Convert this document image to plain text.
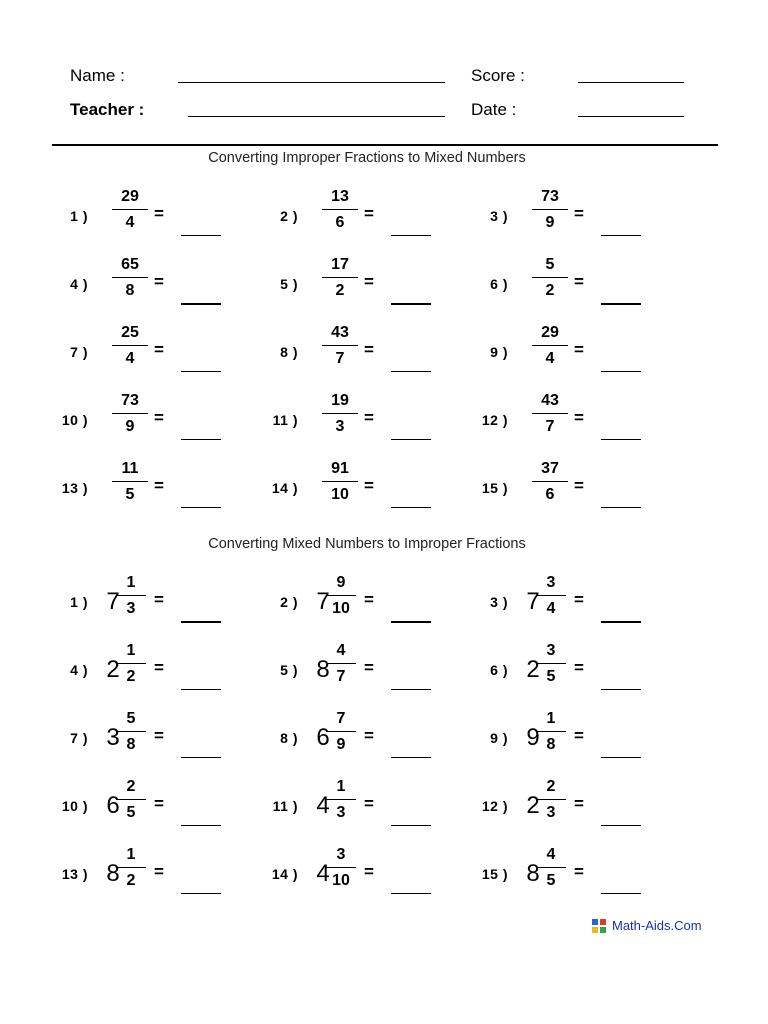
Name :
Teacher :
Score :
Date :
Converting Improper Fractions to Mixed Numbers
1 )
29
4 =	2 )
13
6 =	3 )
73
9 =
4 )
65
8 =	5 )
17
2 =	6 )
5
2 =
7 )
25
4 =	8 )
43
7 =	9 )
29
4 =
10 )
73
9 =	11 )
19
3 =	12 )
43
7 =
13 )
11
5 =	14 )
91
10 =	15 )
37
6 =
Converting Mixed Numbers to Improper Fractions
1 ) 7
1
3 =	2 ) 7
9
10 =	3 ) 7
3
4 =
4 ) 2
1
2 =	5 ) 8
4
7 =	6 ) 2
3
5 =
7 ) 3
5
8 =	8 ) 6
7
9 =	9 ) 9
1
8 =
10 ) 6
2
5 =	11 ) 4
1
3 =	12 ) 2
2
3 =
13 ) 8
1
2 =	14 ) 4
3
10 =	15 ) 8
4
5 =
Math-Aids.Com
